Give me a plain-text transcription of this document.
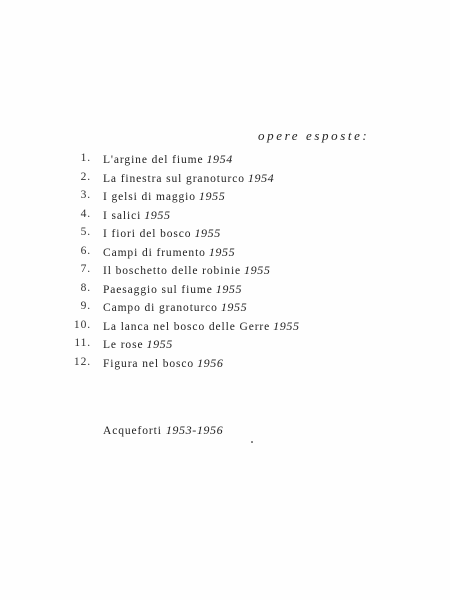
opere esposte:
1. L'argine del fiume 1954
2. La finestra sul granoturco 1954
3. I gelsi di maggio 1955
4. I salici 1955
5. I fiori del bosco 1955
6. Campi di frumento 1955
7. Il boschetto delle robinie 1955
8. Paesaggio sul fiume 1955
9. Campo di granoturco 1955
10. La lanca nel bosco delle Gerre 1955
11. Le rose 1955
12. Figura nel bosco 1956
Acqueforti 1953-1956
